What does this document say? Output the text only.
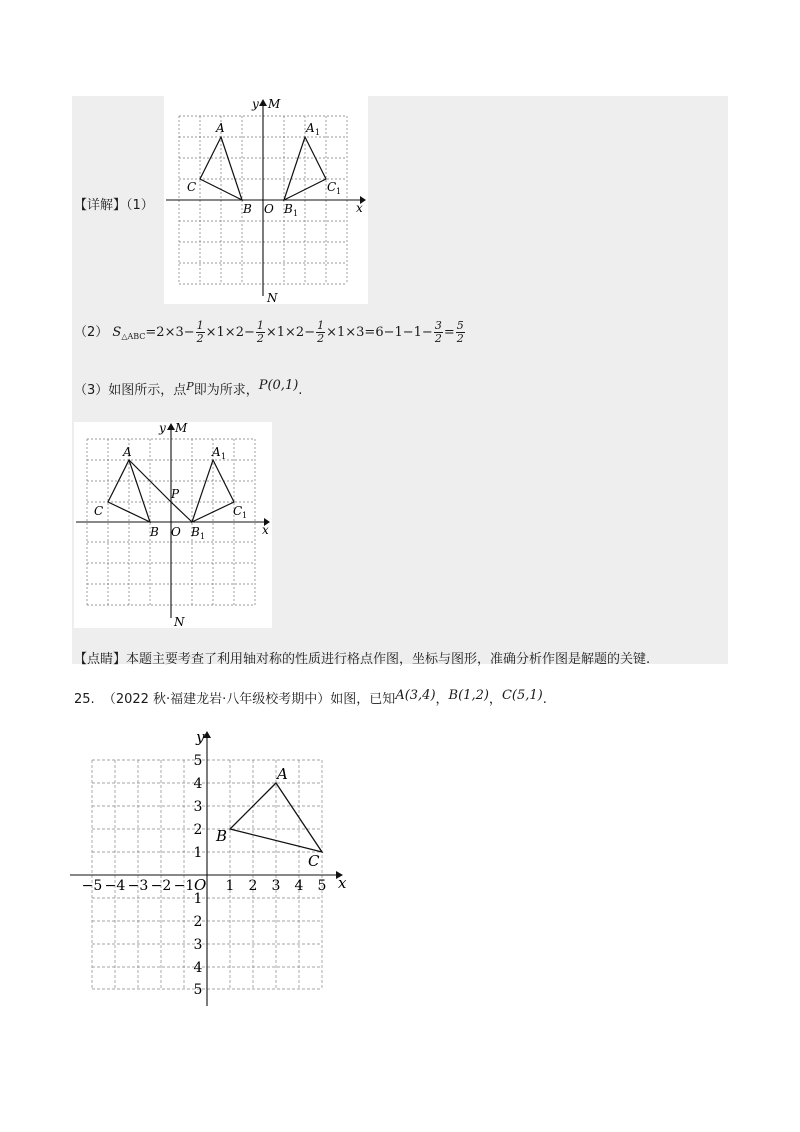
y M
N
x
O
A
B
C
A 1
B 1
C 1
【详解】（1）
（2） $S_{\triangle ABC}=2\times 3- \frac{1}{2} \times 1\times 2- \frac{1}{2} \times 1\times 2- \frac{1}{2} \times 1\times 3=6-1-1- \frac{3}{2} = \frac{5}{2}$
（3）如图所示，点$^P$即为所求，P(0,1).
y M
N
x
O
P
A
B
C
A 1
B 1
C 1
【点睛】本题主要考查了利用轴对称的性质进行格点作图，坐标与图形，准确分析作图是解题的关键.
25. （2022 秋·福建龙岩·八年级校考期中）如图，已知A(3,4)，B(1,2)，C(5,1).
y
x
O
A
B
C
−5 −4 −3 −2 −1 1 2 3 4 5
1
2
3
4
5
1
2
3
4
5
